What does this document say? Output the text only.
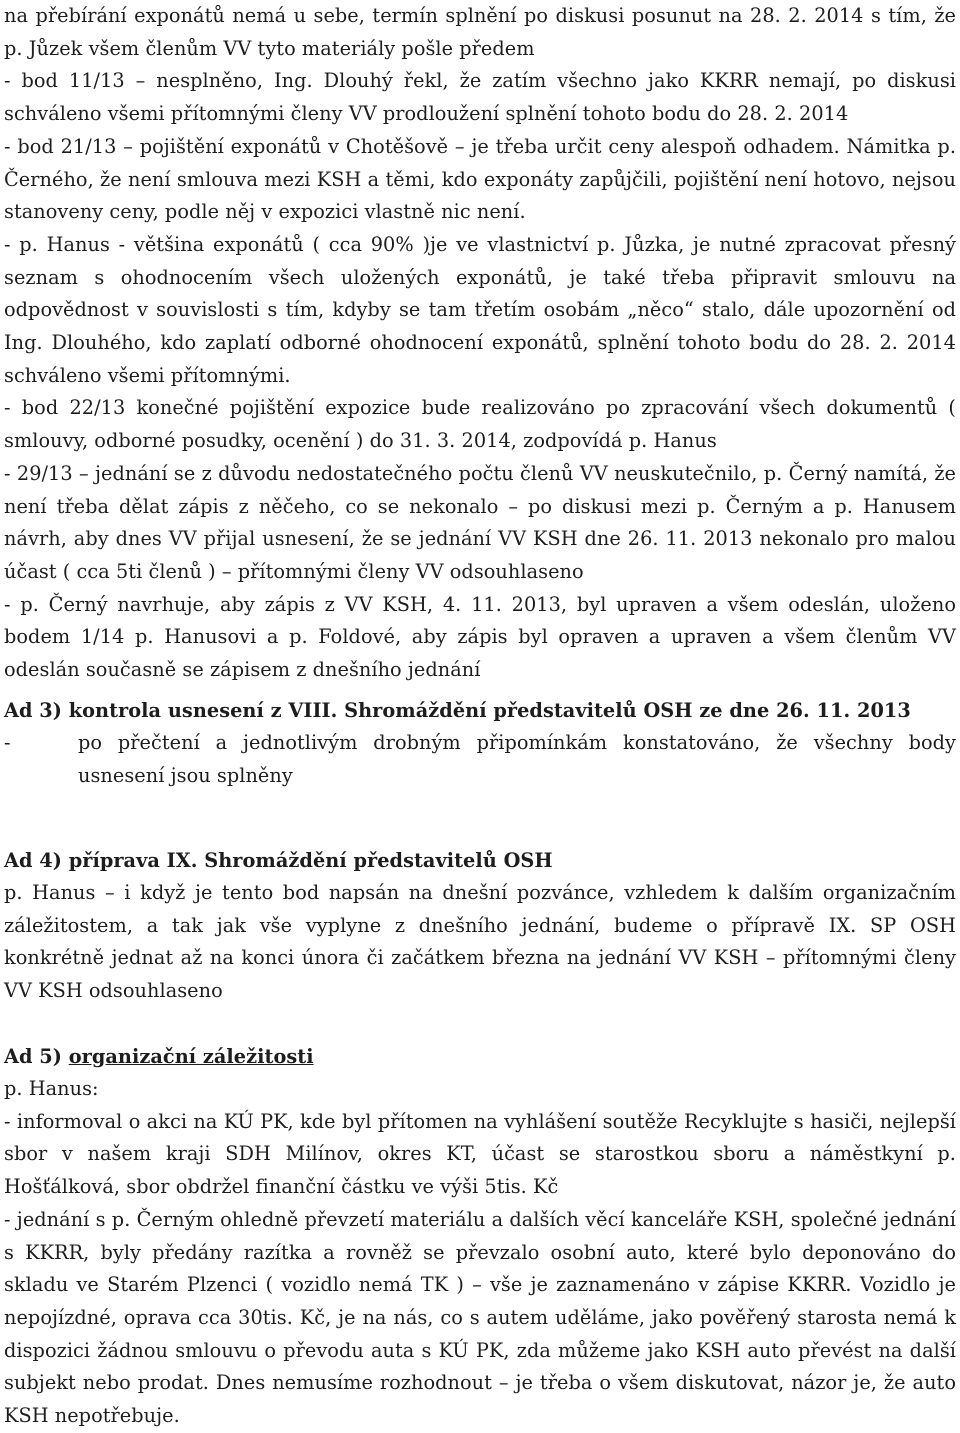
na přebírání exponátů nemá u sebe, termín splnění po diskusi posunut na 28. 2. 2014 s tím, že p. Jůzek všem členům VV tyto materiály pošle předem

- bod 11/13 – nesplněno, Ing. Dlouhý řekl, že zatím všechno jako KKRR nemají, po diskusi schváleno všemi přítomnými členy VV prodloužení splnění tohoto bodu do 28. 2. 2014

- bod 21/13 – pojištění exponátů v Chotěšově – je třeba určit ceny alespoň odhadem. Námitka p. Černého, že není smlouva mezi KSH a těmi, kdo exponáty zapůjčili, pojištění není hotovo, nejsou stanoveny ceny, podle něj v expozici vlastně nic není.

- p. Hanus - většina exponátů ( cca 90% )je ve vlastnictví p. Jůzka, je nutné zpracovat přesný seznam s ohodnocením všech uložených exponátů, je také třeba připravit smlouvu na odpovědnost v souvislosti s tím, kdyby se tam třetím osobám „něco“ stalo, dále upozornění od Ing. Dlouhého, kdo zaplatí odborné ohodnocení exponátů, splnění tohoto bodu do 28. 2. 2014 schváleno všemi přítomnými.

- bod 22/13 konečné pojištění expozice bude realizováno po zpracování všech dokumentů ( smlouvy, odborné posudky, ocenění ) do 31. 3. 2014, zodpovídá p. Hanus

- 29/13 – jednání se z důvodu nedostatečného počtu členů VV neuskutečnilo, p. Černý namítá, že není třeba dělat zápis z něčeho, co se nekonalo – po diskusi mezi p. Černým a p. Hanusem návrh, aby dnes VV přijal usnesení, že se jednání VV KSH dne 26. 11. 2013 nekonalo pro malou účast ( cca 5ti členů ) – přítomnými členy VV odsouhlaseno

- p. Černý navrhuje, aby zápis z VV KSH, 4. 11. 2013, byl upraven a všem odeslán, uloženo bodem 1/14 p. Hanusovi a p. Foldové, aby zápis byl opraven a upraven a všem členům VV odeslán současně se zápisem z dnešního jednání

Ad 3) kontrola usnesení z VIII. Shromáždění představitelů OSH ze dne 26. 11. 2013

-	po přečtení a jednotlivým drobným připomínkám konstatováno, že všechny body usnesení jsou splněny

Ad 4) příprava IX. Shromáždění představitelů OSH

p. Hanus – i když je tento bod napsán na dnešní pozvánce, vzhledem k dalším organizačním záležitostem, a tak jak vše vyplyne z dnešního jednání, budeme o přípravě IX. SP OSH konkrétně jednat až na konci února či začátkem března na jednání VV KSH – přítomnými členy VV KSH odsouhlaseno

Ad 5) organizační záležitosti

p. Hanus:

- informoval o akci na KÚ PK, kde byl přítomen na vyhlášení soutěže Recyklujte s hasiči, nejlepší sbor v našem kraji SDH Milínov, okres KT, účast se starostkou sboru a náměstkyní p. Hošťálková, sbor obdržel finanční částku ve výši 5tis. Kč

- jednání s p. Černým ohledně převzetí materiálu a dalších věcí kanceláře KSH, společné jednání s KKRR, byly předány razítka a rovněž se převzalo osobní auto, které bylo deponováno do skladu ve Starém Plzenci ( vozidlo nemá TK ) – vše je zaznamenáno v zápise KKRR. Vozidlo je nepojízdné, oprava cca 30tis. Kč, je na nás, co s autem uděláme, jako pověřený starosta nemá k dispozici žádnou smlouvu o převodu auta s KÚ PK, zda můžeme jako KSH auto převést na další subjekt nebo prodat. Dnes nemusíme rozhodnout – je třeba o všem diskutovat, názor je, že auto KSH nepotřebuje.
